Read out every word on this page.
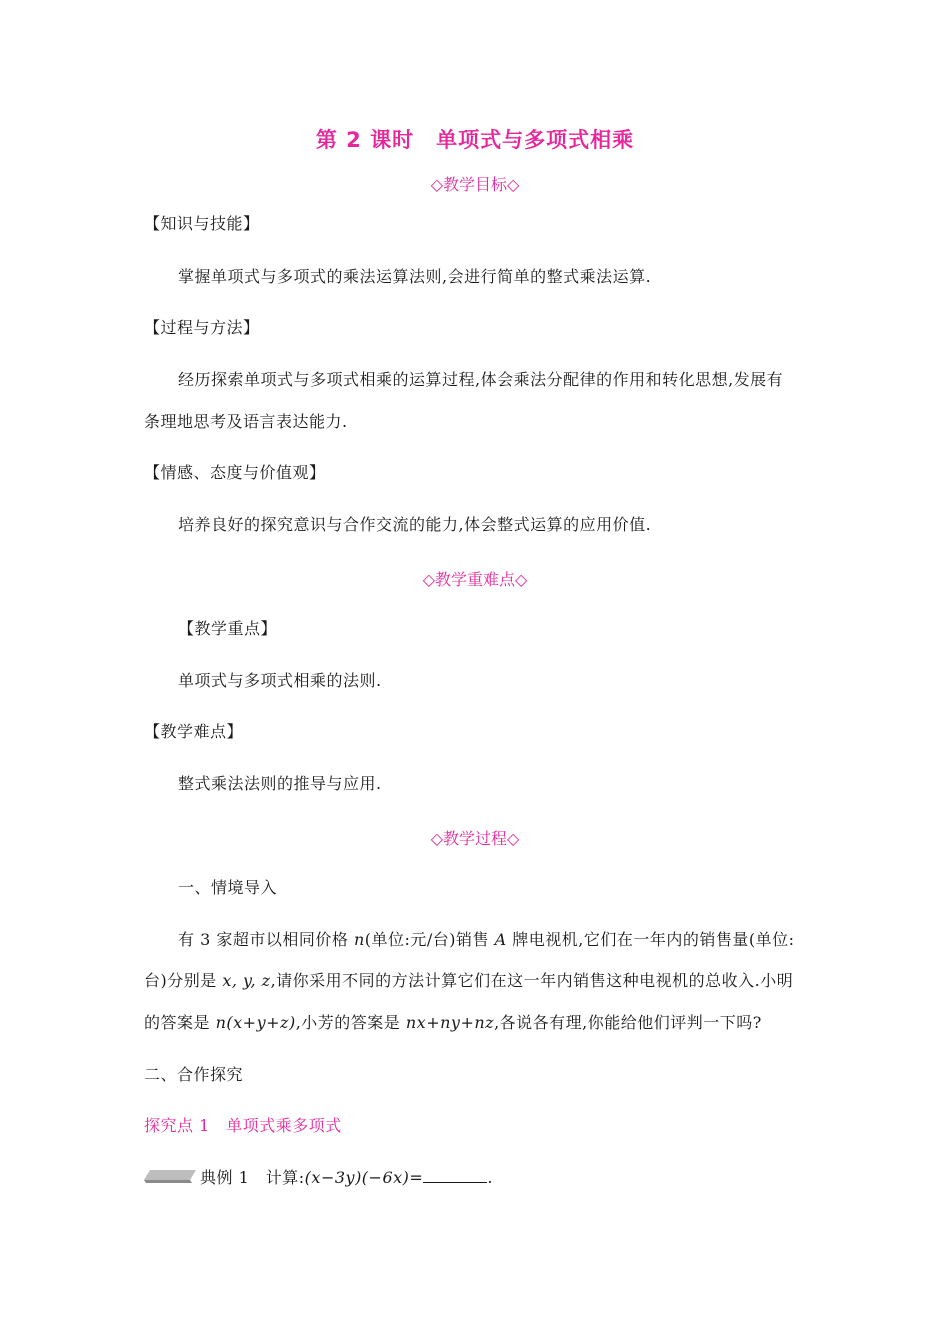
第 2 课时　单项式与多项式相乘
◇教学目标◇
【知识与技能】
掌握单项式与多项式的乘法运算法则,会进行简单的整式乘法运算.
【过程与方法】
经历探索单项式与多项式相乘的运算过程,体会乘法分配律的作用和转化思想,发展有
条理地思考及语言表达能力.
【情感、态度与价值观】
培养良好的探究意识与合作交流的能力,体会整式运算的应用价值.
◇教学重难点◇
【教学重点】
单项式与多项式相乘的法则.
【教学难点】
整式乘法法则的推导与应用.
◇教学过程◇
一、情境导入
有 3 家超市以相同价格 n(单位:元/台)销售 A 牌电视机,它们在一年内的销售量(单位:
台)分别是 x, y, z,请你采用不同的方法计算它们在这一年内销售这种电视机的总收入.小明
的答案是 n(x+y+z),小芳的答案是 nx+ny+nz,各说各有理,你能给他们评判一下吗?
二、合作探究
探究点 1　单项式乘多项式
典例 1　计算:(x−3y)(−6x)=	.
